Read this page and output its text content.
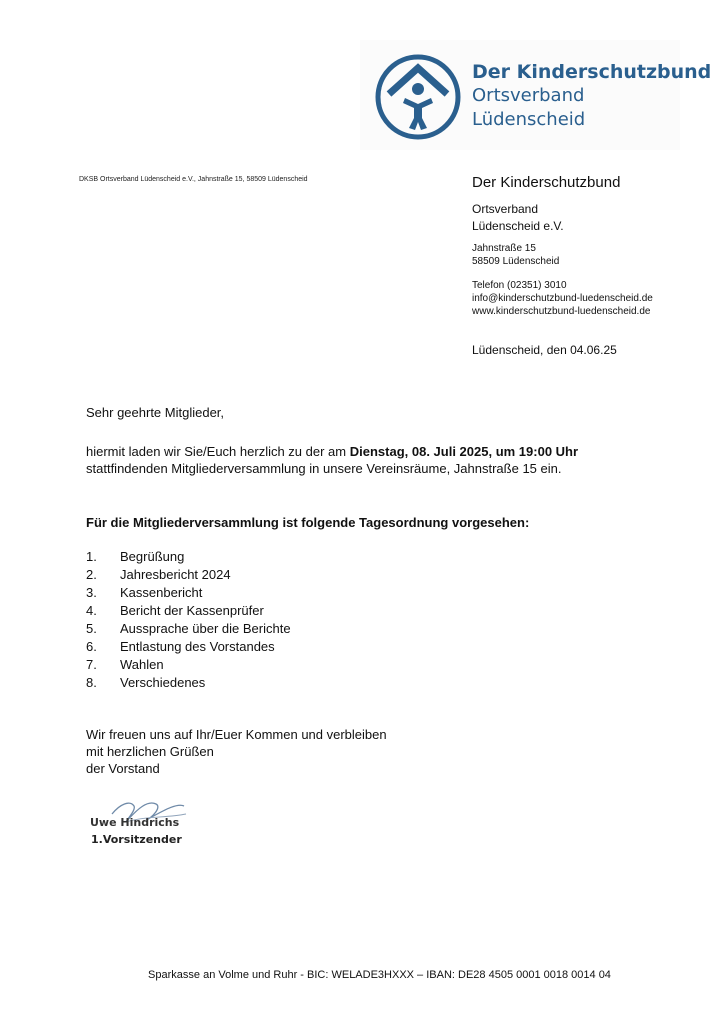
Der Kinderschutzbund
Ortsverband
Lüdenscheid
DKSB Ortsverband Lüdenscheid e.V., Jahnstraße 15, 58509 Lüdenscheid	Der Kinderschutzbund
Ortsverband
Lüdenscheid e.V.
Jahnstraße 15
58509 Lüdenscheid
Telefon (02351) 3010
info@kinderschutzbund-luedenscheid.de
www.kinderschutzbund-luedenscheid.de
Lüdenscheid, den 04.06.25
Sehr geehrte Mitglieder,
hiermit laden wir Sie/Euch herzlich zu der am Dienstag, 08. Juli 2025, um 19:00 Uhr
stattfindenden Mitgliederversammlung in unsere Vereinsräume, Jahnstraße 15 ein.
Für die Mitgliederversammlung ist folgende Tagesordnung vorgesehen:
1.	Begrüßung
2.	Jahresbericht 2024
3.	Kassenbericht
4.	Bericht der Kassenprüfer
5.	Aussprache über die Berichte
6.	Entlastung des Vorstandes
7.	Wahlen
8.	Verschiedenes
Wir freuen uns auf Ihr/Euer Kommen und verbleiben
mit herzlichen Grüßen
der Vorstand
Uwe Hindrichs
1.Vorsitzender
Sparkasse an Volme und Ruhr - BIC: WELADE3HXXX – IBAN: DE28 4505 0001 0018 0014 04
